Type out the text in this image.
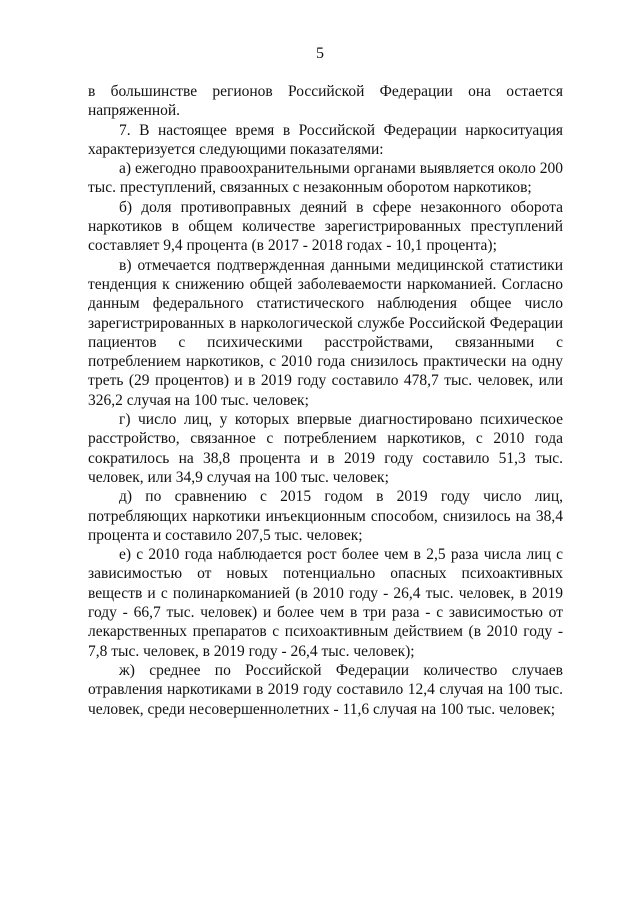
5

в большинстве регионов Российской Федерации она остается напряженной.

7. В настоящее время в Российской Федерации наркоситуация характеризуется следующими показателями:

а) ежегодно правоохранительными органами выявляется около 200 тыс. преступлений, связанных с незаконным оборотом наркотиков;

б) доля противоправных деяний в сфере незаконного оборота наркотиков в общем количестве зарегистрированных преступлений составляет 9,4 процента (в 2017 - 2018 годах - 10,1 процента);

в) отмечается подтвержденная данными медицинской статистики тенденция к снижению общей заболеваемости наркоманией. Согласно данным федерального статистического наблюдения общее число зарегистрированных в наркологической службе Российской Федерации пациентов с психическими расстройствами, связанными с потреблением наркотиков, с 2010 года снизилось практически на одну треть (29 процентов) и в 2019 году составило 478,7 тыс. человек, или 326,2 случая на 100 тыс. человек;

г) число лиц, у которых впервые диагностировано психическое расстройство, связанное с потреблением наркотиков, с 2010 года сократилось на 38,8 процента и в 2019 году составило 51,3 тыс. человек, или 34,9 случая на 100 тыс. человек;

д) по сравнению с 2015 годом в 2019 году число лиц, потребляющих наркотики инъекционным способом, снизилось на 38,4 процента и составило 207,5 тыс. человек;

е) с 2010 года наблюдается рост более чем в 2,5 раза числа лиц с зависимостью от новых потенциально опасных психоактивных веществ и с полинаркоманией (в 2010 году - 26,4 тыс. человек, в 2019 году - 66,7 тыс. человек) и более чем в три раза - с зависимостью от лекарственных препаратов с психоактивным действием (в 2010 году - 7,8 тыс. человек, в 2019 году - 26,4 тыс. человек);

ж) среднее по Российской Федерации количество случаев отравления наркотиками в 2019 году составило 12,4 случая на 100 тыс. человек, среди несовершеннолетних - 11,6 случая на 100 тыс. человек;
